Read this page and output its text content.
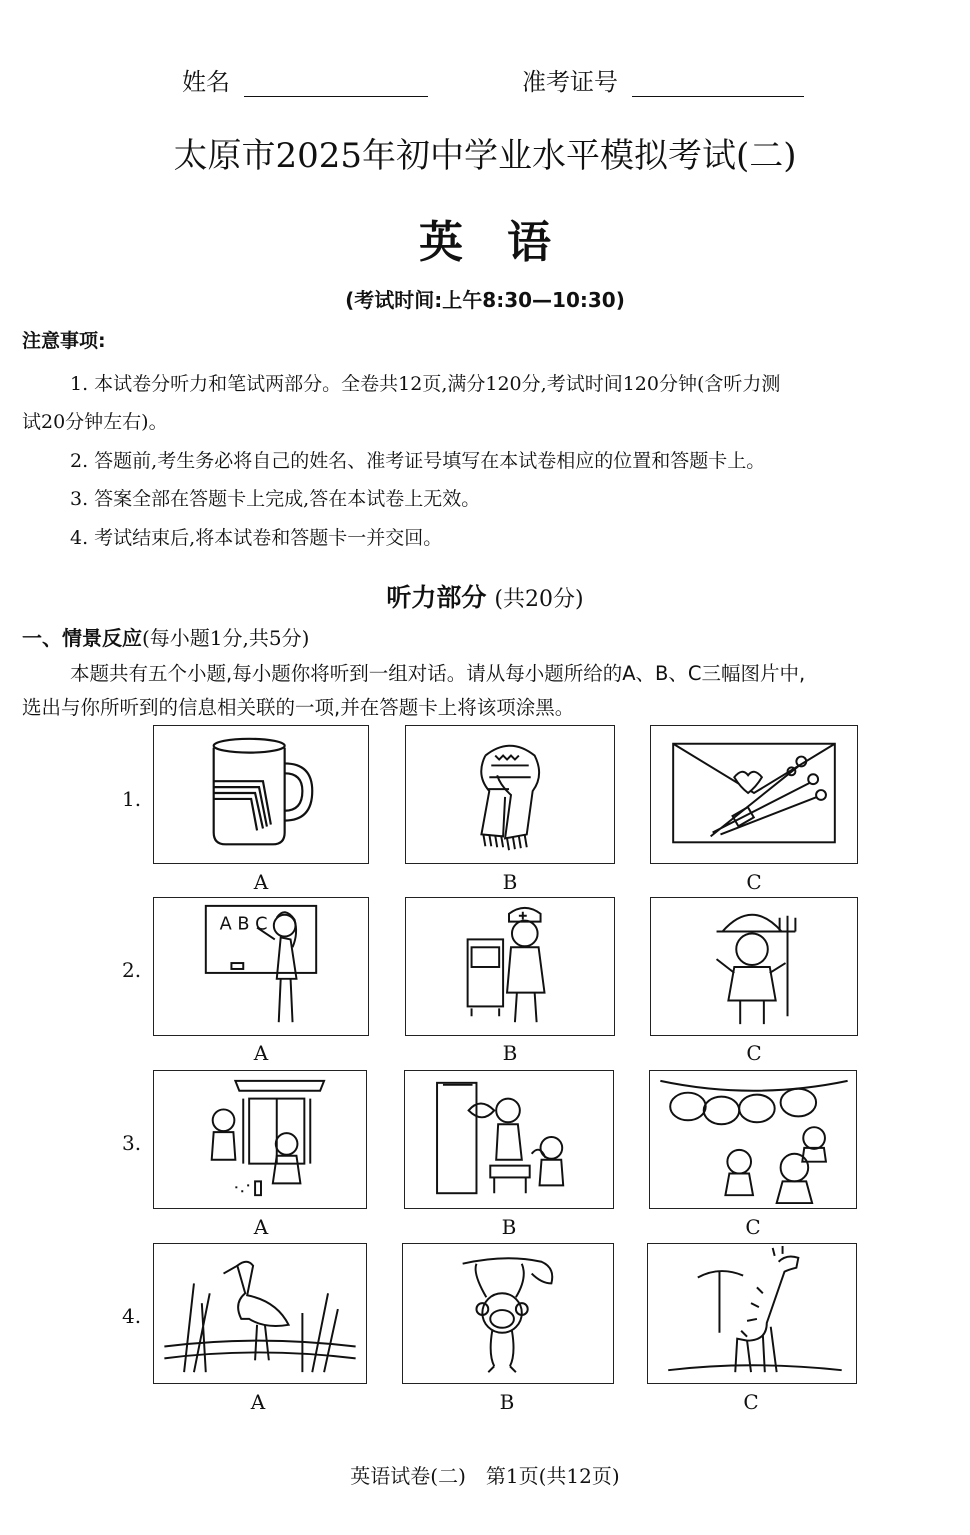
姓名	准考证号
太原市2025年初中学业水平模拟考试(二)
英　语
(考试时间:上午8:30—10:30)
注意事项:
1. 本试卷分听力和笔试两部分。全卷共12页,满分120分,考试时间120分钟(含听力测
试20分钟左右)。
2. 答题前,考生务必将自己的姓名、准考证号填写在本试卷相应的位置和答题卡上。
3. 答案全部在答题卡上完成,答在本试卷上无效。
4. 考试结束后,将本试卷和答题卡一并交回。
听力部分 (共20分)
一、情景反应(每小题1分,共5分)
本题共有五个小题,每小题你将听到一组对话。请从每小题所给的A、B、C三幅图片中,
选出与你所听到的信息相关联的一项,并在答题卡上将该项涂黑。
1.
A	B	C
2.
A B C
A	B	C
3.
A	B	C
4.
A	B	C
英语试卷(二)　第1页(共12页)
